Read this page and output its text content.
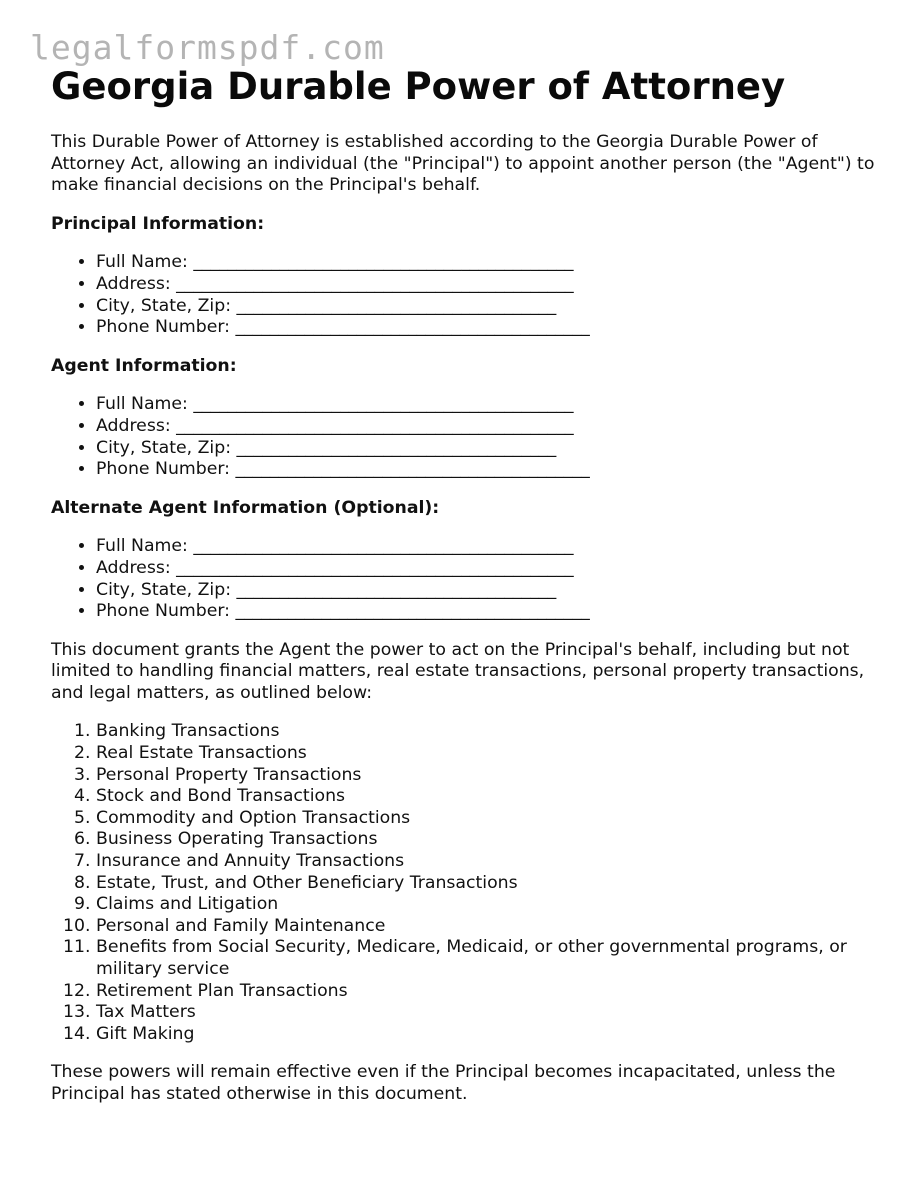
legalformspdf.com
Georgia Durable Power of Attorney

This Durable Power of Attorney is established according to the Georgia Durable Power of Attorney Act, allowing an individual (the "Principal") to appoint another person (the "Agent") to make financial decisions on the Principal's behalf.

Principal Information:
• Full Name: ____________________________________________
• Address: ______________________________________________
• City, State, Zip: _____________________________________
• Phone Number: _________________________________________
Agent Information:
• Full Name: ____________________________________________
• Address: ______________________________________________
• City, State, Zip: _____________________________________
• Phone Number: _________________________________________
Alternate Agent Information (Optional):
• Full Name: ____________________________________________
• Address: ______________________________________________
• City, State, Zip: _____________________________________
• Phone Number: _________________________________________

This document grants the Agent the power to act on the Principal's behalf, including but not limited to handling financial matters, real estate transactions, personal property transactions, and legal matters, as outlined below:

1. Banking Transactions
2. Real Estate Transactions
3. Personal Property Transactions
4. Stock and Bond Transactions
5. Commodity and Option Transactions
6. Business Operating Transactions
7. Insurance and Annuity Transactions
8. Estate, Trust, and Other Beneficiary Transactions
9. Claims and Litigation
10. Personal and Family Maintenance
11. Benefits from Social Security, Medicare, Medicaid, or other governmental programs, or military service
12. Retirement Plan Transactions
13. Tax Matters
14. Gift Making

These powers will remain effective even if the Principal becomes incapacitated, unless the Principal has stated otherwise in this document.
